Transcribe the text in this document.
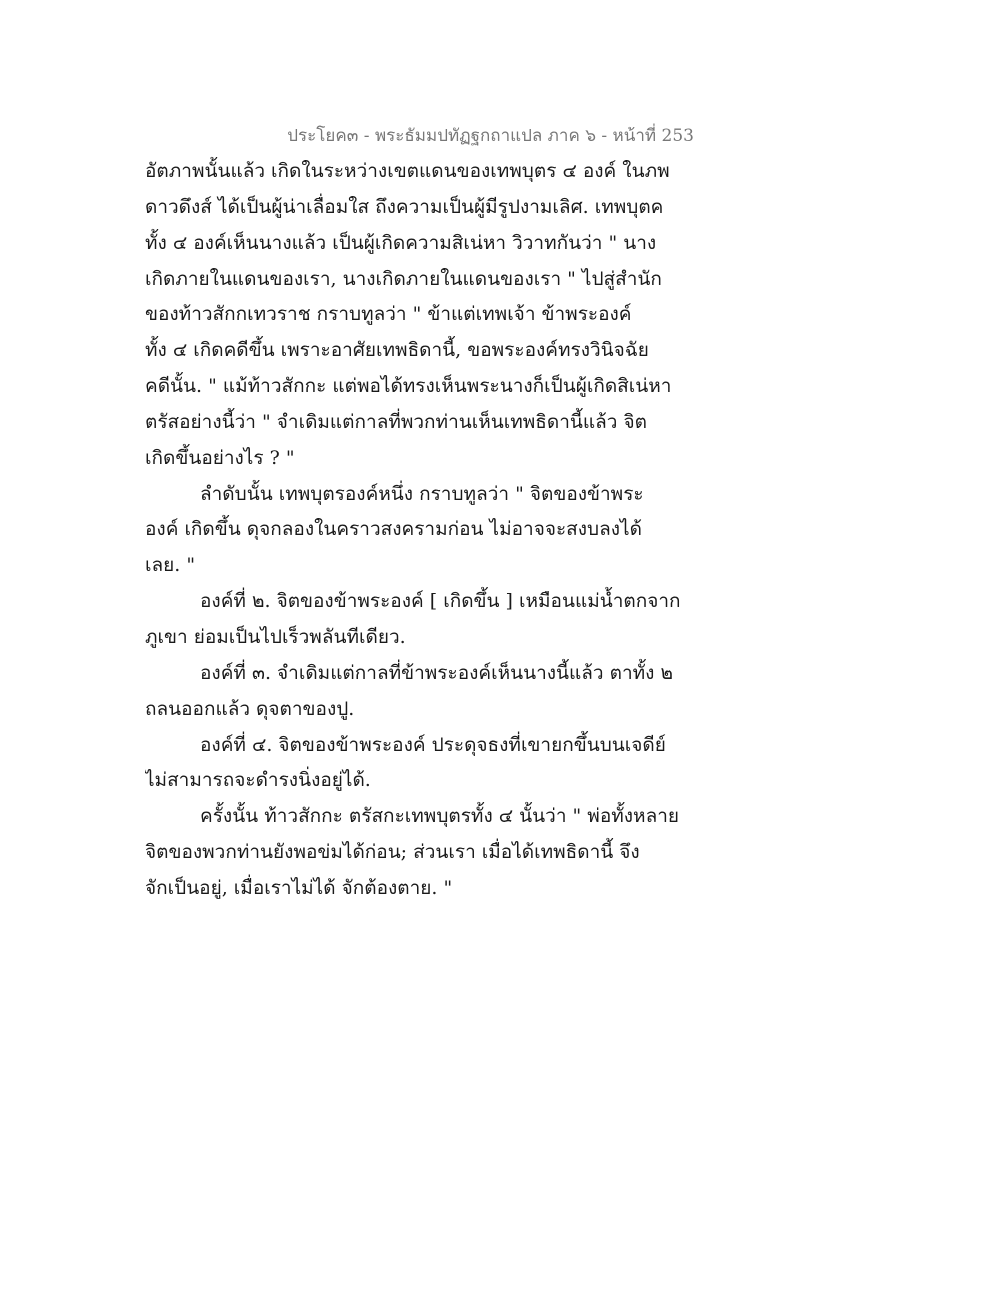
ประโยค๓ - พระธัมมปทัฏฐกถาแปล ภาค ๖ - หน้าที่ 253
อัตภาพนั้นแล้ว เกิดในระหว่างเขตแดนของเทพบุตร ๔ องค์ ในภพ
ดาวดึงส์ ได้เป็นผู้น่าเลื่อมใส ถึงความเป็นผู้มีรูปงามเลิศ. เทพบุตค
ทั้ง ๔ องค์เห็นนางแล้ว เป็นผู้เกิดความสิเน่หา วิวาทกันว่า " นาง
เกิดภายในแดนของเรา, นางเกิดภายในแดนของเรา " ไปสู่สำนัก
ของท้าวสักกเทวราช กราบทูลว่า " ข้าแต่เทพเจ้า ข้าพระองค์
ทั้ง ๔ เกิดคดีขึ้น เพราะอาศัยเทพธิดานี้, ขอพระองค์ทรงวินิจฉัย
คดีนั้น. " แม้ท้าวสักกะ แต่พอได้ทรงเห็นพระนางก็เป็นผู้เกิดสิเน่หา
ตรัสอย่างนี้ว่า " จำเดิมแต่กาลที่พวกท่านเห็นเทพธิดานี้แล้ว จิต
เกิดขึ้นอย่างไร ? "
ลำดับนั้น เทพบุตรองค์หนึ่ง กราบทูลว่า " จิตของข้าพระ
องค์ เกิดขึ้น ดุจกลองในคราวสงครามก่อน ไม่อาจจะสงบลงได้
เลย. "
องค์ที่ ๒. จิตของข้าพระองค์ [ เกิดขึ้น ] เหมือนแม่น้ำตกจาก
ภูเขา ย่อมเป็นไปเร็วพลันทีเดียว.
องค์ที่ ๓. จำเดิมแต่กาลที่ข้าพระองค์เห็นนางนี้แล้ว ตาทั้ง ๒
ถลนออกแล้ว ดุจตาของปู.
องค์ที่ ๔. จิตของข้าพระองค์ ประดุจธงที่เขายกขึ้นบนเจดีย์
ไม่สามารถจะดำรงนิ่งอยู่ได้.
ครั้งนั้น ท้าวสักกะ ตรัสกะเทพบุตรทั้ง ๔ นั้นว่า " พ่อทั้งหลาย
จิตของพวกท่านยังพอข่มได้ก่อน; ส่วนเรา เมื่อได้เทพธิดานี้ จึง
จักเป็นอยู่, เมื่อเราไม่ได้ จักต้องตาย. "
